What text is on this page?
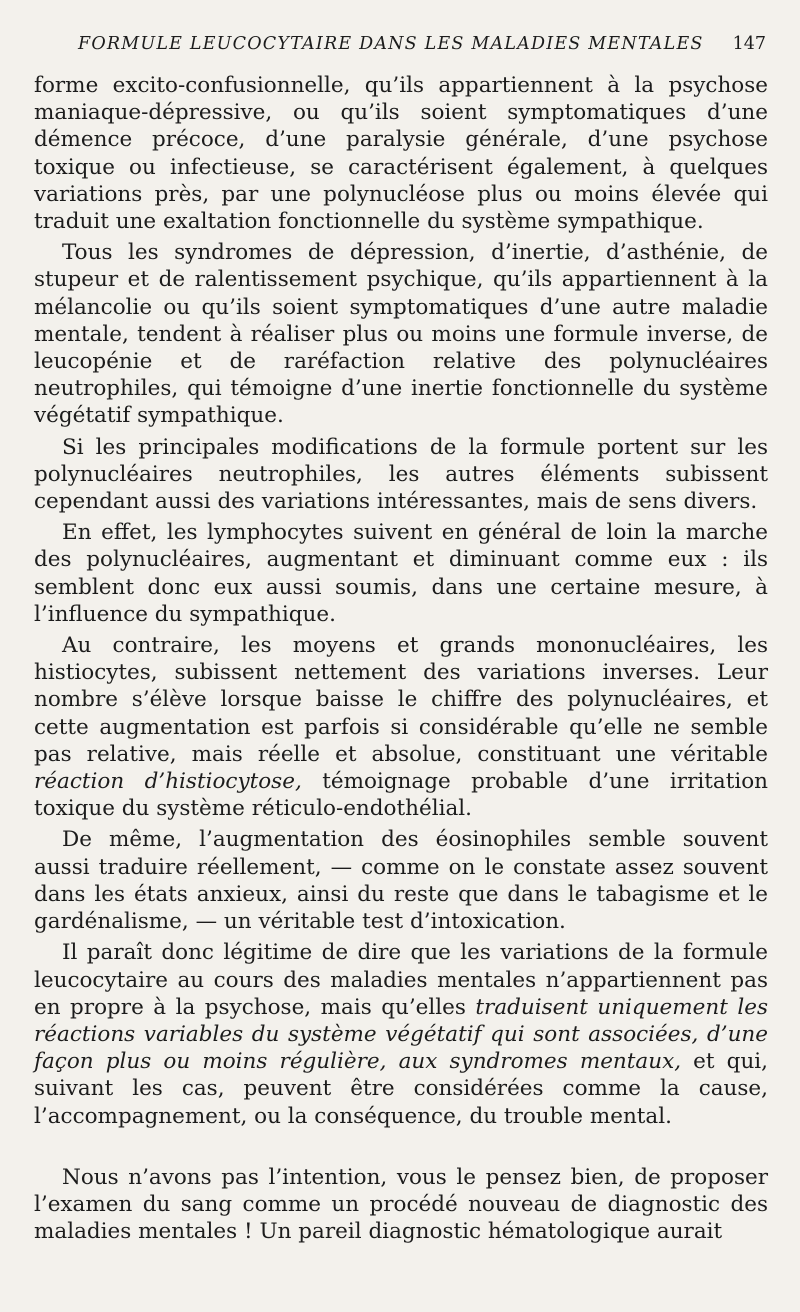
FORMULE LEUCOCYTAIRE DANS LES MALADIES MENTALES 147

forme excito-confusionnelle, qu’ils appartiennent à la psychose maniaque-dépressive, ou qu’ils soient symptomatiques d’une démence précoce, d’une paralysie générale, d’une psychose toxique ou infectieuse, se caractérisent également, à quelques variations près, par une polynucléose plus ou moins élevée qui traduit une exaltation fonctionnelle du système sympathique.

Tous les syndromes de dépression, d’inertie, d’asthénie, de stupeur et de ralentissement psychique, qu’ils appartiennent à la mélancolie ou qu’ils soient symptomatiques d’une autre maladie mentale, tendent à réaliser plus ou moins une formule inverse, de leucopénie et de raréfaction relative des polynucléaires neutrophiles, qui témoigne d’une inertie fonctionnelle du système végétatif sympathique.

Si les principales modifications de la formule portent sur les polynucléaires neutrophiles, les autres éléments subissent cependant aussi des variations intéressantes, mais de sens divers.

En effet, les lymphocytes suivent en général de loin la marche des polynucléaires, augmentant et diminuant comme eux : ils semblent donc eux aussi soumis, dans une certaine mesure, à l’influence du sympathique.

Au contraire, les moyens et grands mononucléaires, les histiocytes, subissent nettement des variations inverses. Leur nombre s’élève lorsque baisse le chiffre des polynucléaires, et cette augmentation est parfois si considérable qu’elle ne semble pas relative, mais réelle et absolue, constituant une véritable réaction d’histiocytose, témoignage probable d’une irritation toxique du système réticulo-endothélial.

De même, l’augmentation des éosinophiles semble souvent aussi traduire réellement, — comme on le constate assez souvent dans les états anxieux, ainsi du reste que dans le tabagisme et le gardénalisme, — un véritable test d’intoxication.

Il paraît donc légitime de dire que les variations de la formule leucocytaire au cours des maladies mentales n’appartiennent pas en propre à la psychose, mais qu’elles traduisent uniquement les réactions variables du système végétatif qui sont associées, d’une façon plus ou moins régulière, aux syndromes mentaux, et qui, suivant les cas, peuvent être considérées comme la cause, l’accompagnement, ou la conséquence, du trouble mental.

Nous n’avons pas l’intention, vous le pensez bien, de proposer l’examen du sang comme un procédé nouveau de diagnostic des maladies mentales ! Un pareil diagnostic hématologique aurait
